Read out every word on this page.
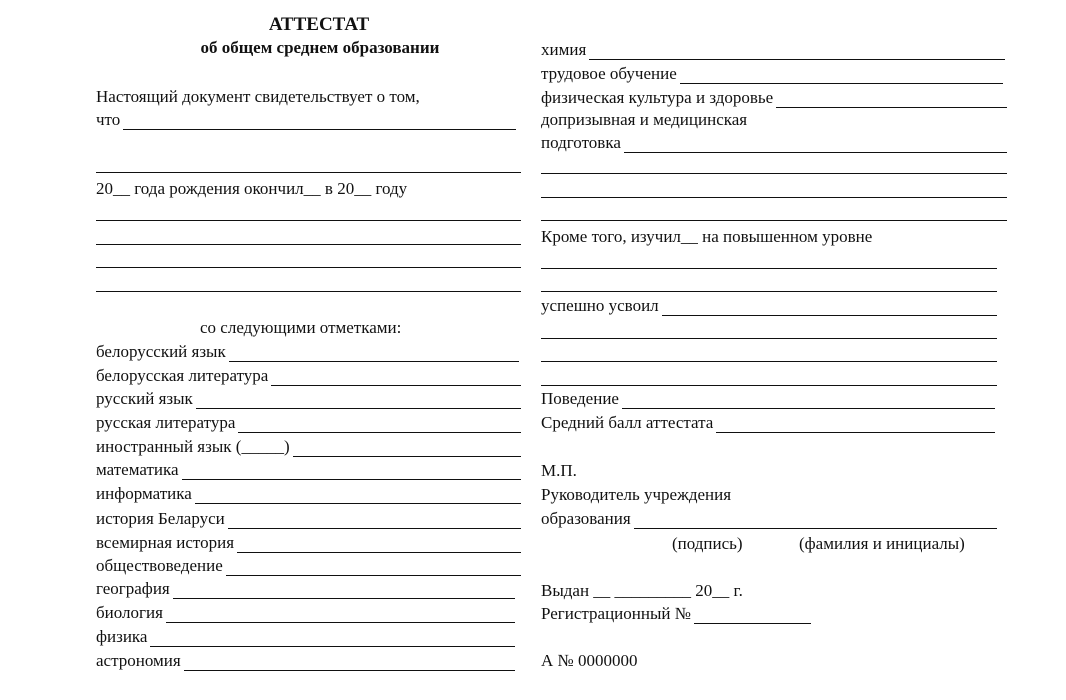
АТТЕСТАТ
об общем среднем образовании
Настоящий документ свидетельствует о том,
что
20__ года рождения окончил__ в 20__ году
со следующими отметками:
белорусский язык
белорусская литература
русский язык
русская литература
иностранный язык (_____)
математика
информатика
история Беларуси
всемирная история
обществоведение
география
биология
физика
астрономия
химия
трудовое обучение
физическая культура и здоровье
допризывная и медицинская
подготовка
Кроме того, изучил__ на повышенном уровне
успешно усвоил
Поведение
Средний балл аттестата
М.П.
Руководитель учреждения
образования
(подпись)	(фамилия и инициалы)
Выдан __ _________ 20__ г.
Регистрационный №
А № 0000000
